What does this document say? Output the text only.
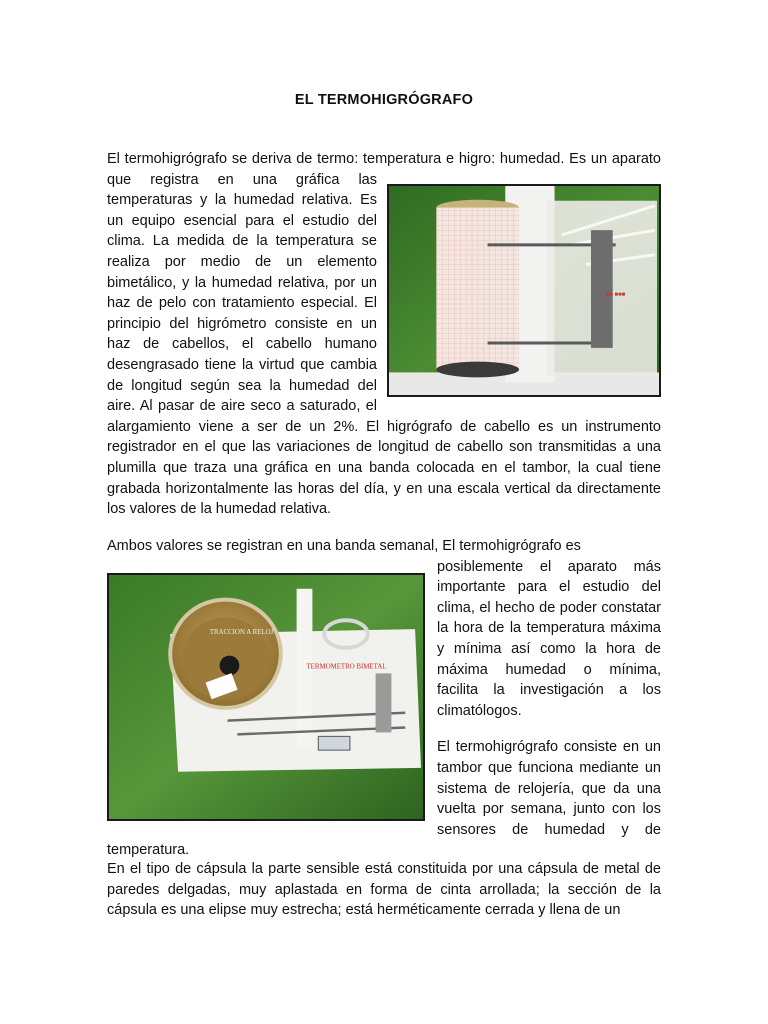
EL TERMOHIGRÓGRAFO
El termohigrógrafo se deriva de termo: temperatura e higro: humedad. Es un
■■ ■■■
aparato que registra en una gráfica las temperaturas y la humedad relativa. Es un equipo esencial para el estudio del clima. La medida de la temperatura se realiza por medio de un elemento bimetálico, y la humedad relativa, por un haz de pelo con tratamiento especial. El principio del higrómetro consiste en un haz de cabellos, el cabello humano desengrasado tiene la virtud que cambia de longitud según sea la humedad del aire. Al pasar de aire seco a saturado, el alargamiento viene a ser de un 2%. El higrógrafo de cabello es un instrumento registrador en el que las variaciones de longitud de cabello son transmitidas a una plumilla que traza una gráfica en una banda colocada en el tambor, la cual tiene grabada horizontalmente las horas del día, y en una escala vertical da directamente los valores de la humedad relativa.
Ambos valores se registran en una banda semanal, El termohigrógrafo es
TRACCION A RELOJ
TERMOMETRO BIMETAL
posiblemente el aparato más importante para el estudio del clima, el hecho de poder constatar la hora de la temperatura máxima y mínima así como la hora de máxima humedad o mínima, facilita la investigación a los climatólogos.
El termohigrógrafo consiste en un tambor que funciona mediante un sistema de relojería, que da una vuelta por semana, junto con los sensores de humedad y de temperatura.
En el tipo de cápsula la parte sensible está constituida por una cápsula de metal de paredes delgadas, muy aplastada en forma de cinta arrollada; la sección de la cápsula es una elipse muy estrecha; está herméticamente cerrada y llena de un
